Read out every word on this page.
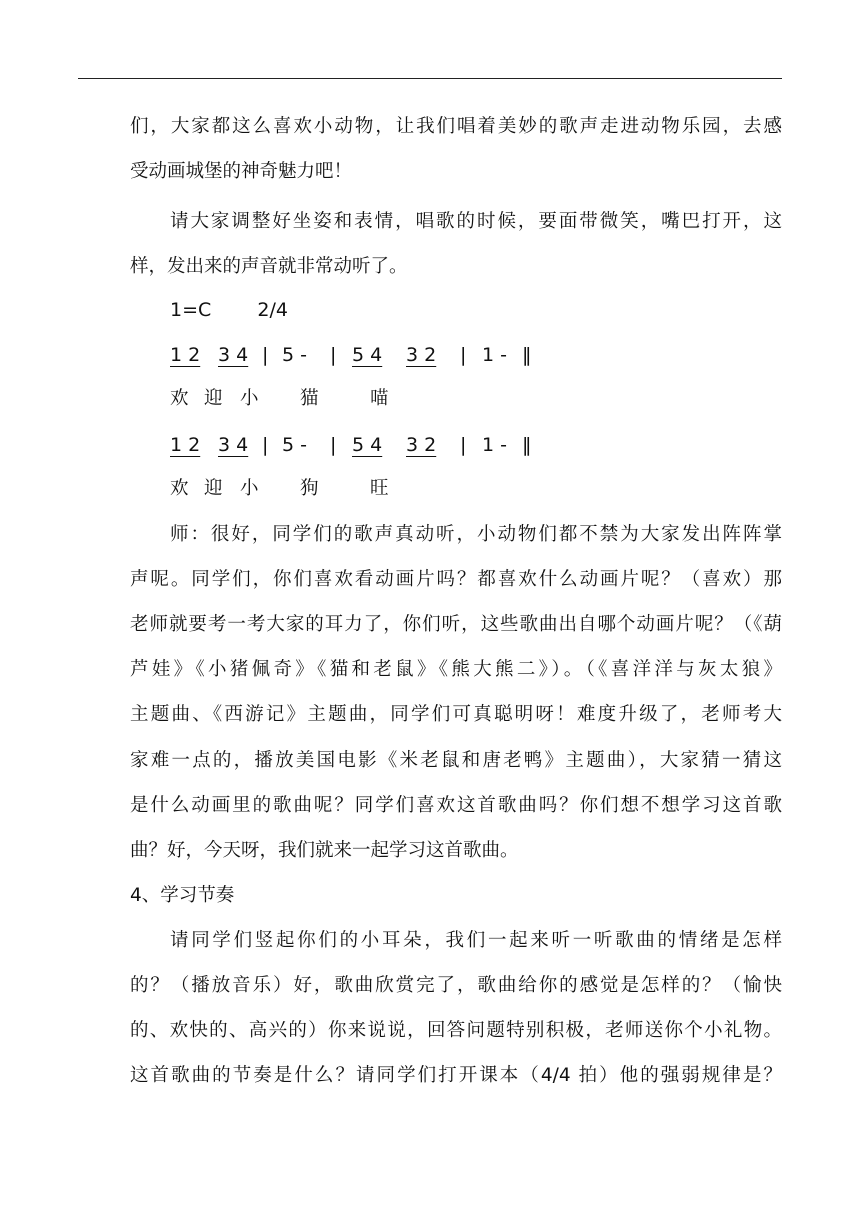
们，大家都这么喜欢小动物，让我们唱着美妙的歌声走进动物乐园，去感
受动画城堡的神奇魅力吧！
请大家调整好坐姿和表情，唱歌的时候，要面带微笑，嘴巴打开，这
样，发出来的声音就非常动听了。
1=C 2/4
1 2 3 4 | 5 - | 5 4 3 2 | 1 - ‖
欢 迎 小 猫	喵
1 2 3 4 | 5 - | 5 4 3 2 | 1 - ‖
欢 迎 小 狗	旺
师：很好，同学们的歌声真动听，小动物们都不禁为大家发出阵阵掌
声呢。同学们，你们喜欢看动画片吗？都喜欢什么动画片呢？（喜欢）那
老师就要考一考大家的耳力了，你们听，这些歌曲出自哪个动画片呢？（《葫
芦娃》《小猪佩奇》《猫和老鼠》《熊大熊二》）。（《喜洋洋与灰太狼》
主题曲、《西游记》主题曲，同学们可真聪明呀！难度升级了，老师考大
家难一点的，播放美国电影《米老鼠和唐老鸭》主题曲），大家猜一猜这
是什么动画里的歌曲呢？同学们喜欢这首歌曲吗？你们想不想学习这首歌
曲？好，今天呀，我们就来一起学习这首歌曲。
4、学习节奏
请同学们竖起你们的小耳朵，我们一起来听一听歌曲的情绪是怎样
的？（播放音乐）好，歌曲欣赏完了，歌曲给你的感觉是怎样的？（愉快
的、欢快的、高兴的）你来说说，回答问题特别积极，老师送你个小礼物。
这首歌曲的节奏是什么？请同学们打开课本（4/4 拍）他的强弱规律是？
